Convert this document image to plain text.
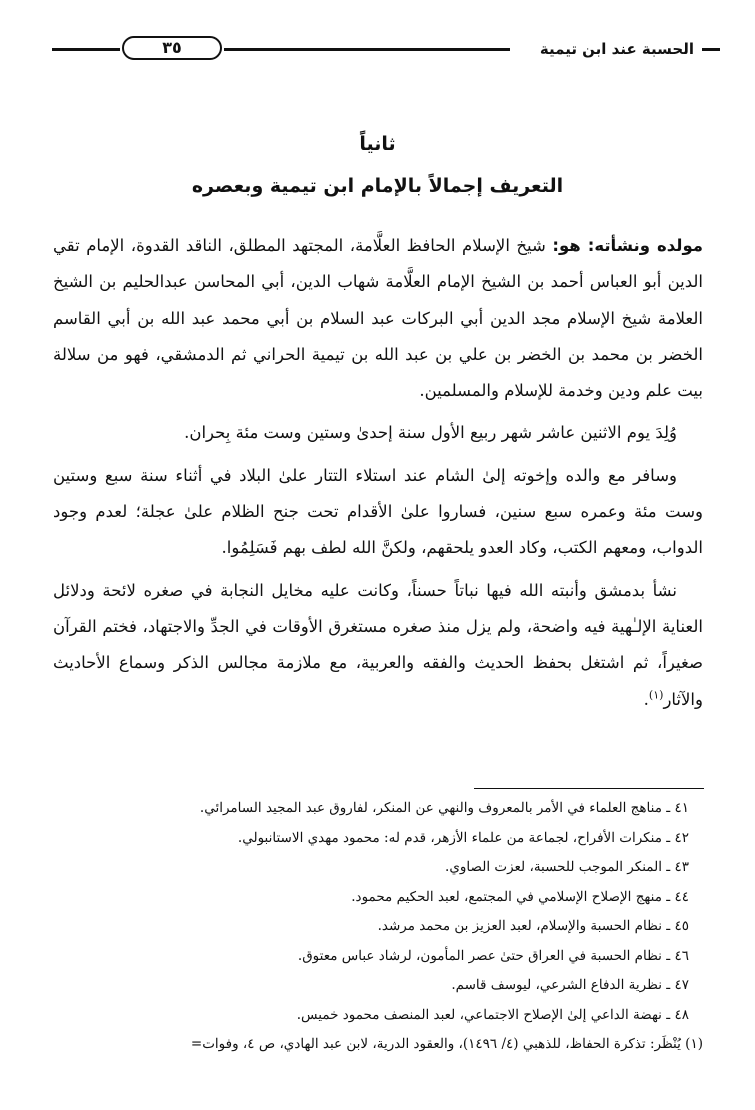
الحسبة عند ابن تيمية
٣٥
ثانياً
التعريف إجمالاً بالإمام ابن تيمية وبعصره

مولده ونشأته: هو: شيخ الإسلام الحافظ العلَّامة، المجتهد المطلق، الناقد القدوة، الإمام تقي الدين أبو العباس أحمد بن الشيخ الإمام العلَّامة شهاب الدين، أبي المحاسن عبدالحليم بن الشيخ العلامة شيخ الإسلام مجد الدين أبي البركات عبد السلام بن أبي محمد عبد الله بن أبي القاسم الخضر بن محمد بن الخضر بن علي بن عبد الله بن تيمية الحراني ثم الدمشقي، فهو من سلالة بيت علم ودين وخدمة للإسلام والمسلمين.

وُلِدَ يوم الاثنين عاشر شهر ربيع الأول سنة إحدىٰ وستين وست مئة بِحران.

وسافر مع والده وإخوته إلىٰ الشام عند استلاء التتار علىٰ البلاد في أثناء سنة سبع وستين وست مئة وعمره سبع سنين، فساروا علىٰ الأقدام تحت جنح الظلام علىٰ عجلة؛ لعدم وجود الدواب، ومعهم الكتب، وكاد العدو يلحقهم، ولكنَّ الله لطف بهم فَسَلِمُوا.

نشأ بدمشق وأنبته الله فيها نباتاً حسناً، وكانت عليه مخايل النجابة في صغره لائحة ودلائل العناية الإلـٰهية فيه واضحة، ولم يزل منذ صغره مستغرق الأوقات في الجدِّ والاجتهاد، فختم القرآن صغيراً، ثم اشتغل بحفظ الحديث والفقه والعربية، مع ملازمة مجالس الذكر وسماع الأحاديث والآثار$^{(١)}$.

٤١ ـ مناهج العلماء في الأمر بالمعروف والنهي عن المنكر، لفاروق عبد المجيد السامرائي.
٤٢ ـ منكرات الأفراح، لجماعة من علماء الأزهر، قدم له: محمود مهدي الاستانبولي.
٤٣ ـ المنكر الموجب للحسبة، لعزت الصاوي.
٤٤ ـ منهج الإصلاح الإسلامي في المجتمع، لعبد الحكيم محمود.
٤٥ ـ نظام الحسبة والإسلام، لعبد العزيز بن محمد مرشد.
٤٦ ـ نظام الحسبة في العراق حتىٰ عصر المأمون، لرشاد عباس معتوق.
٤٧ ـ نظرية الدفاع الشرعي، ليوسف قاسم.
٤٨ ـ نهضة الداعي إلىٰ الإصلاح الاجتماعي، لعبد المنصف محمود خميس.
(١) يُنْظَر: تذكرة الحفاظ، للذهبي (٤/ ١٤٩٦)، والعقود الدرية، لابن عبد الهادي، ص ٤، وفوات=
